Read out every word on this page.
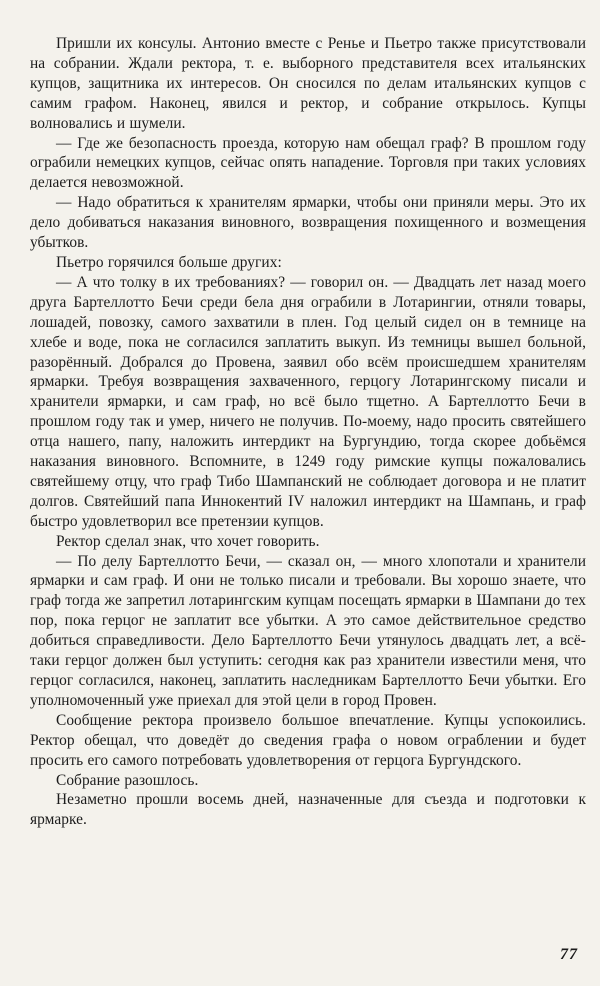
Пришли их консулы. Антонио вместе с Ренье и Пьетро также присутствовали на собрании. Ждали ректора, т. е. выборного представителя всех итальянских купцов, защитника их интересов. Он сносился по делам итальянских купцов с самим графом. Наконец, явился и ректор, и собрание открылось. Купцы волновались и шумели.

— Где же безопасность проезда, которую нам обещал граф? В прошлом году ограбили немецких купцов, сейчас опять нападение. Торговля при таких условиях делается невозможной.

— Надо обратиться к хранителям ярмарки, чтобы они приняли меры. Это их дело добиваться наказания виновного, возвращения похищенного и возмещения убытков.

Пьетро горячился больше других:

— А что толку в их требованиях? — говорил он. — Двадцать лет назад моего друга Бартеллотто Бечи среди бела дня ограбили в Лотарингии, отняли товары, лошадей, повозку, самого захватили в плен. Год целый сидел он в темнице на хлебе и воде, пока не согласился заплатить выкуп. Из темницы вышел больной, разорённый. Добрался до Провена, заявил обо всём происшедшем хранителям ярмарки. Требуя возвращения захваченного, герцогу Лотарингскому писали и хранители ярмарки, и сам граф, но всё было тщетно. А Бартеллотто Бечи в прошлом году так и умер, ничего не получив. По-моему, надо просить святейшего отца нашего, папу, наложить интердикт на Бургундию, тогда скорее добьёмся наказания виновного. Вспомните, в 1249 году римские купцы пожаловались святейшему отцу, что граф Тибо Шампанский не соблюдает договора и не платит долгов. Святейший папа Иннокентий IV наложил интердикт на Шампань, и граф быстро удовлетворил все претензии купцов.

Ректор сделал знак, что хочет говорить.

— По делу Бартеллотто Бечи, — сказал он, — много хлопотали и хранители ярмарки и сам граф. И они не только писали и требовали. Вы хорошо знаете, что граф тогда же запретил лотарингским купцам посещать ярмарки в Шампани до тех пор, пока герцог не заплатит все убытки. А это самое действительное средство добиться справедливости. Дело Бартеллотто Бечи утянулось двадцать лет, а всё-таки герцог должен был уступить: сегодня как раз хранители известили меня, что герцог согласился, наконец, заплатить наследникам Бартеллотто Бечи убытки. Его уполномоченный уже приехал для этой цели в город Провен.

Сообщение ректора произвело большое впечатление. Купцы успокоились. Ректор обещал, что доведёт до сведения графа о новом ограблении и будет просить его самого потребовать удовлетворения от герцога Бургундского.

Собрание разошлось.

Незаметно прошли восемь дней, назначенные для съезда и подготовки к ярмарке.

77
